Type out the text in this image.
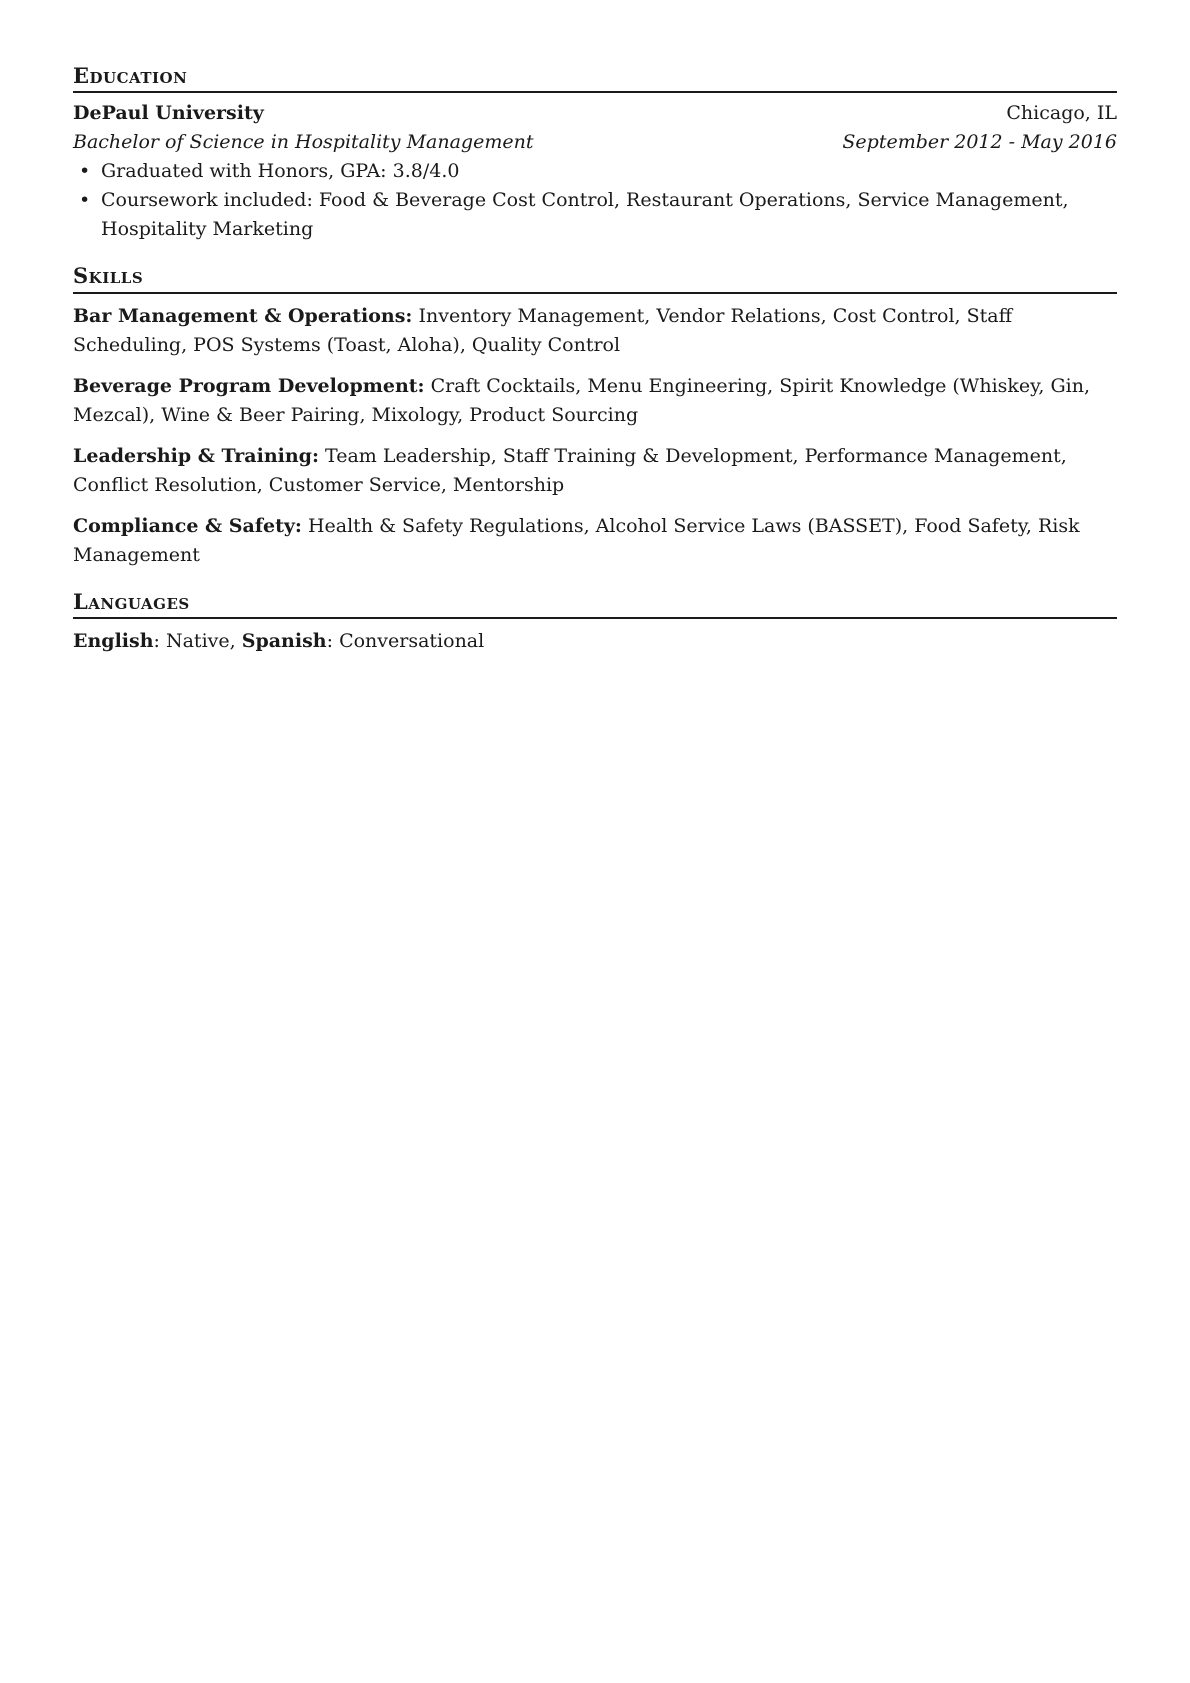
Education
DePaul University	Chicago, IL
Bachelor of Science in Hospitality Management	September 2012 - May 2016
• Graduated with Honors, GPA: 3.8/4.0
• Coursework included: Food & Beverage Cost Control, Restaurant Operations, Service Management, Hospitality Marketing
Skills

Bar Management & Operations: Inventory Management, Vendor Relations, Cost Control, Staff Scheduling, POS Systems (Toast, Aloha), Quality Control

Beverage Program Development: Craft Cocktails, Menu Engineering, Spirit Knowledge (Whiskey, Gin, Mezcal), Wine & Beer Pairing, Mixology, Product Sourcing

Leadership & Training: Team Leadership, Staff Training & Development, Performance Management, Conflict Resolution, Customer Service, Mentorship

Compliance & Safety: Health & Safety Regulations, Alcohol Service Laws (BASSET), Food Safety, Risk Management

Languages
English: Native, Spanish: Conversational
